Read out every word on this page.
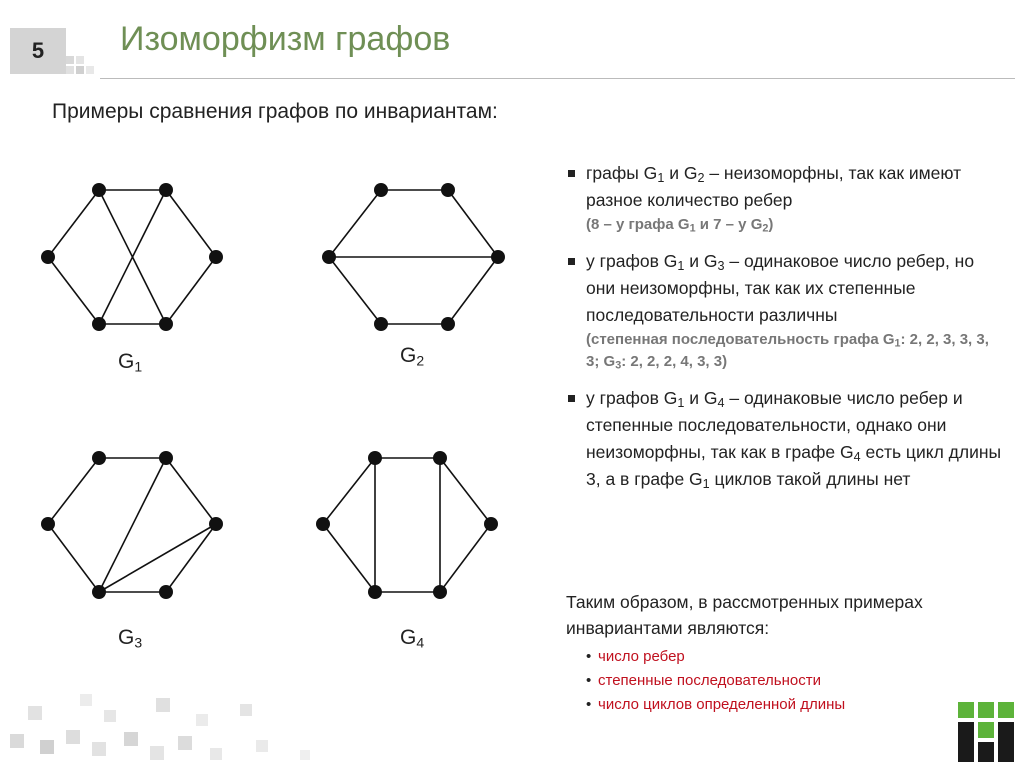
5	Изоморфизм графов
Примеры сравнения графов по инвариантам:
$G_1$	$G_2$
$G_3$	$G_4$
графы $G_1$ и $G_2$ – неизоморфны, так как имеют разное количество ребер
(8 – у графа $G_1$ и 7 – у $G_2$)
у графов $G_1$ и $G_3$ – одинаковое число ребер, но они неизоморфны, так как их степенные последовательности различны
(степенная последовательность графа $G_1$: 2, 2, 3, 3, 3, 3; $G_3$: 2, 2, 2, 4, 3, 3)
у графов $G_1$ и $G_4$ – одинаковые число ребер и степенные последовательности, однако они неизоморфны, так как в графе $G_4$ есть цикл длины 3, а в графе $G_1$ циклов такой длины нет
Таким образом, в рассмотренных примерах инвариантами являются:
• число ребер
• степенные последовательности
• число циклов определенной длины
